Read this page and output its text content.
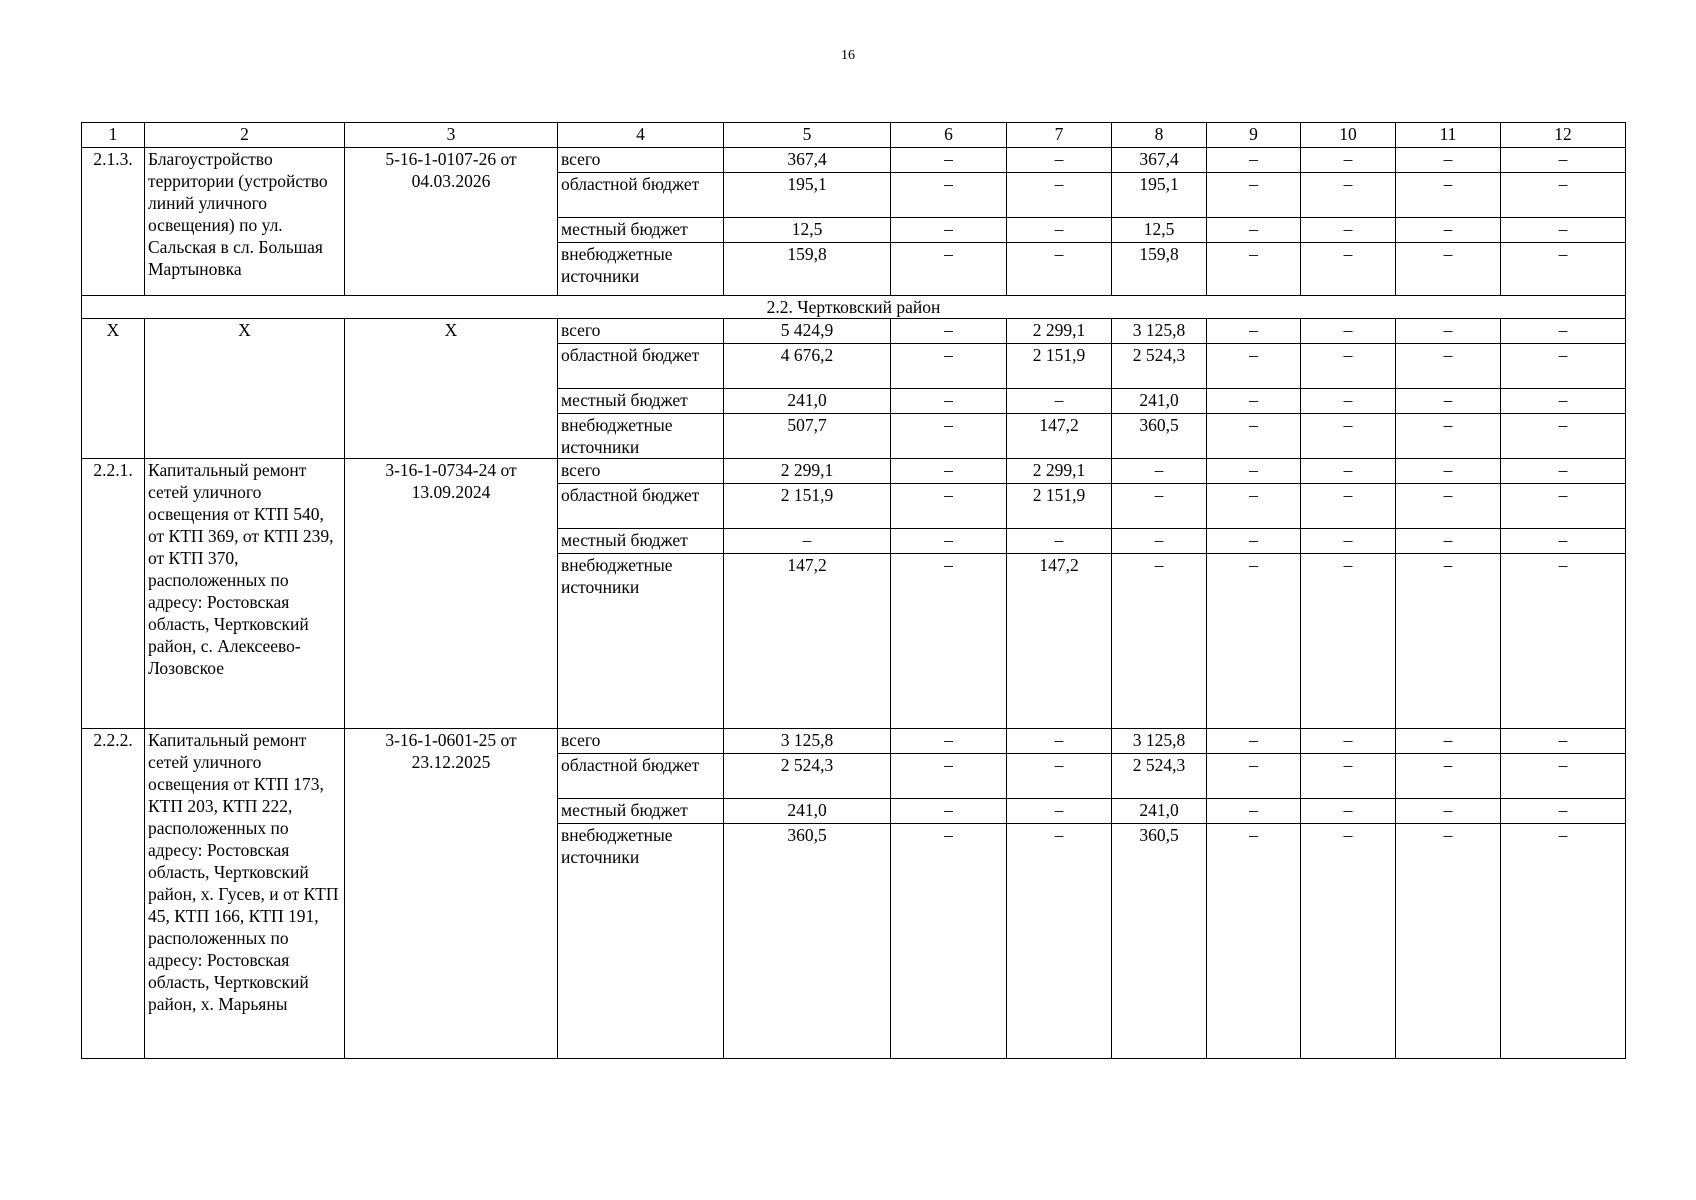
16
1	2	3	4	5	6	7	8	9	10	11	12
2.1.3.	Благоустройство территории (устройство линий уличного освещения) по ул. Сальская в сл. Большая Мартыновка	5-16-1-0107-26 от 04.03.2026	всего	367,4	–	–	367,4	–	–	–	–
			областной бюджет	195,1	–	–	195,1	–	–	–	–
			местный бюджет	12,5	–	–	12,5	–	–	–	–
			внебюджетные источники	159,8	–	–	159,8	–	–	–	–
2.2. Чертковский район											
Х	Х	Х	всего	5 424,9	–	2 299,1	3 125,8	–	–	–	–
			областной бюджет	4 676,2	–	2 151,9	2 524,3	–	–	–	–
			местный бюджет	241,0	–	–	241,0	–	–	–	–
			внебюджетные источники	507,7	–	147,2	360,5	–	–	–	–
2.2.1.	Капитальный ремонт сетей уличного освещения от КТП 540, от КТП 369, от КТП 239, от КТП 370, расположенных по адресу: Ростовская область, Чертковский район, с. Алексеево-Лозовское	3-16-1-0734-24 от 13.09.2024	всего	2 299,1	–	2 299,1	–	–	–	–	–
			областной бюджет	2 151,9	–	2 151,9	–	–	–	–	–
			местный бюджет	–	–	–	–	–	–	–	–
			внебюджетные источники	147,2	–	147,2	–	–	–	–	–
2.2.2.	Капитальный ремонт сетей уличного освещения от КТП 173, КТП 203, КТП 222, расположенных по адресу: Ростовская область, Чертковский район, х. Гусев, и от КТП 45, КТП 166, КТП 191, расположенных по адресу: Ростовская область, Чертковский район, х. Марьяны	3-16-1-0601-25 от 23.12.2025	всего	3 125,8	–	–	3 125,8	–	–	–	–
			областной бюджет	2 524,3	–	–	2 524,3	–	–	–	–
			местный бюджет	241,0	–	–	241,0	–	–	–	–
			внебюджетные источники	360,5	–	–	360,5	–	–	–	–
